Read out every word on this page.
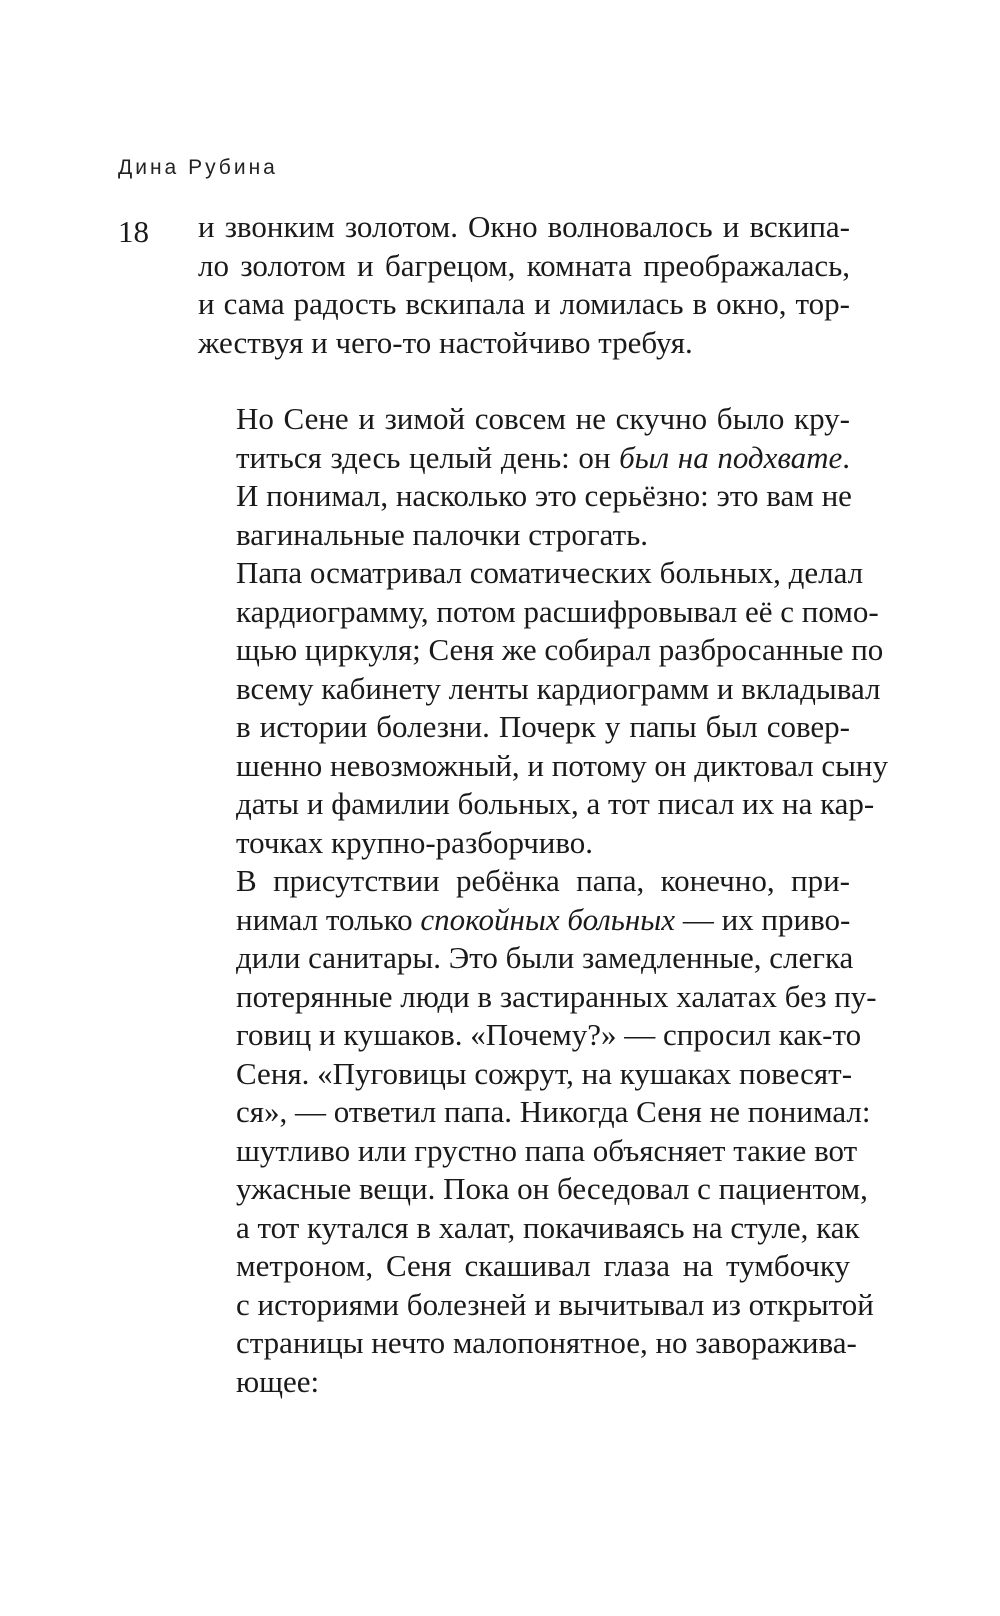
Дина Рубина
18 и звонким золотом. Окно волновалось и вскипа-
ло золотом и багрецом, комната преображалась,
и сама радость вскипала и ломилась в окно, тор-
жествуя и чего-то настойчиво требуя.
Но Сене и зимой совсем не скучно было кру-
титься здесь целый день: он был на подхвате.
И понимал, насколько это серьёзно: это вам не
вагинальные палочки строгать.
Папа осматривал соматических больных, делал
кардиограмму, потом расшифровывал её с помо-
щью циркуля; Сеня же собирал разбросанные по
всему кабинету ленты кардиограмм и вкладывал
в истории болезни. Почерк у папы был совер-
шенно невозможный, и потому он диктовал сыну
даты и фамилии больных, а тот писал их на кар-
точках крупно-разборчиво.
В присутствии ребёнка папа, конечно, при-
нимал только спокойных больных — их приво-
дили санитары. Это были замедленные, слегка
потерянные люди в застиранных халатах без пу-
говиц и кушаков. «Почему?» — спросил как-то
Сеня. «Пуговицы сожрут, на кушаках повесят-
ся», — ответил папа. Никогда Сеня не понимал:
шутливо или грустно папа объясняет такие вот
ужасные вещи. Пока он беседовал с пациентом,
а тот кутался в халат, покачиваясь на стуле, как
метроном, Сеня скашивал глаза на тумбочку
с историями болезней и вычитывал из открытой
страницы нечто малопонятное, но заворажива-
ющее:
